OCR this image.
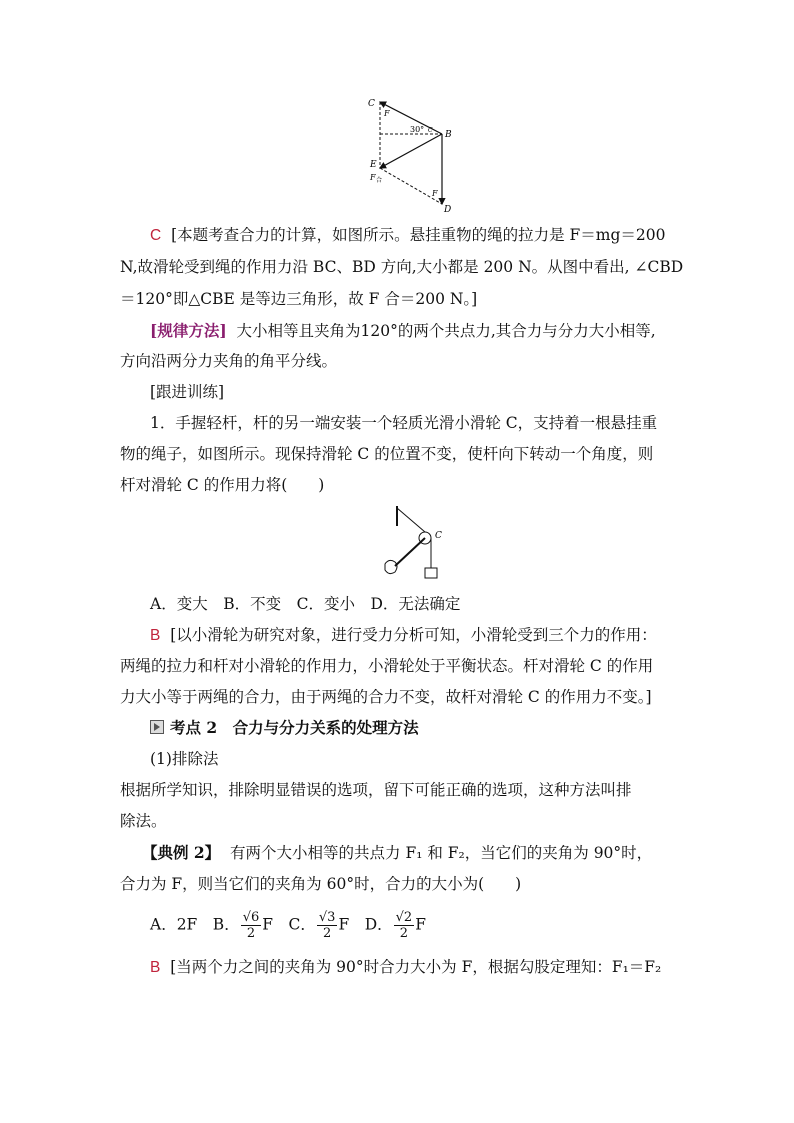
C
F
30° C B
E
F 合
F
D
C [本题考查合力的计算，如图所示。悬挂重物的绳的拉力是 F＝mg＝200
N,故滑轮受到绳的作用力沿 BC、BD 方向,大小都是 200 N。从图中看出, ∠CBD
＝120°即△CBE 是等边三角形，故 F 合＝200 N。]
[规律方法] 大小相等且夹角为120°的两个共点力,其合力与分力大小相等,
方向沿两分力夹角的角平分线。
[跟进训练]
1．手握轻杆，杆的另一端安装一个轻质光滑小滑轮 C，支持着一根悬挂重
物的绳子，如图所示。现保持滑轮 C 的位置不变，使杆向下转动一个角度，则
杆对滑轮 C 的作用力将(　　)
C
A．变大　B．不变　C．变小　D．无法确定
B [以小滑轮为研究对象，进行受力分析可知，小滑轮受到三个力的作用：
两绳的拉力和杆对小滑轮的作用力，小滑轮处于平衡状态。杆对滑轮 C 的作用
力大小等于两绳的合力，由于两绳的合力不变，故杆对滑轮 C 的作用力不变。]
考点 2　合力与分力关系的处理方法
(1)排除法
根据所学知识，排除明显错误的选项，留下可能正确的选项，这种方法叫排
除法。
【典例 2】 有两个大小相等的共点力 F₁ 和 F₂，当它们的夹角为 90°时，
合力为 F，则当它们的夹角为 60°时，合力的大小为(　　)
A．2F　B． $\frac{√6}{2}$ F　C． $\frac{√3}{2}$ F　D． $\frac{√2}{2}$ F
B [当两个力之间的夹角为 90°时合力大小为 F，根据勾股定理知：F₁＝F₂
